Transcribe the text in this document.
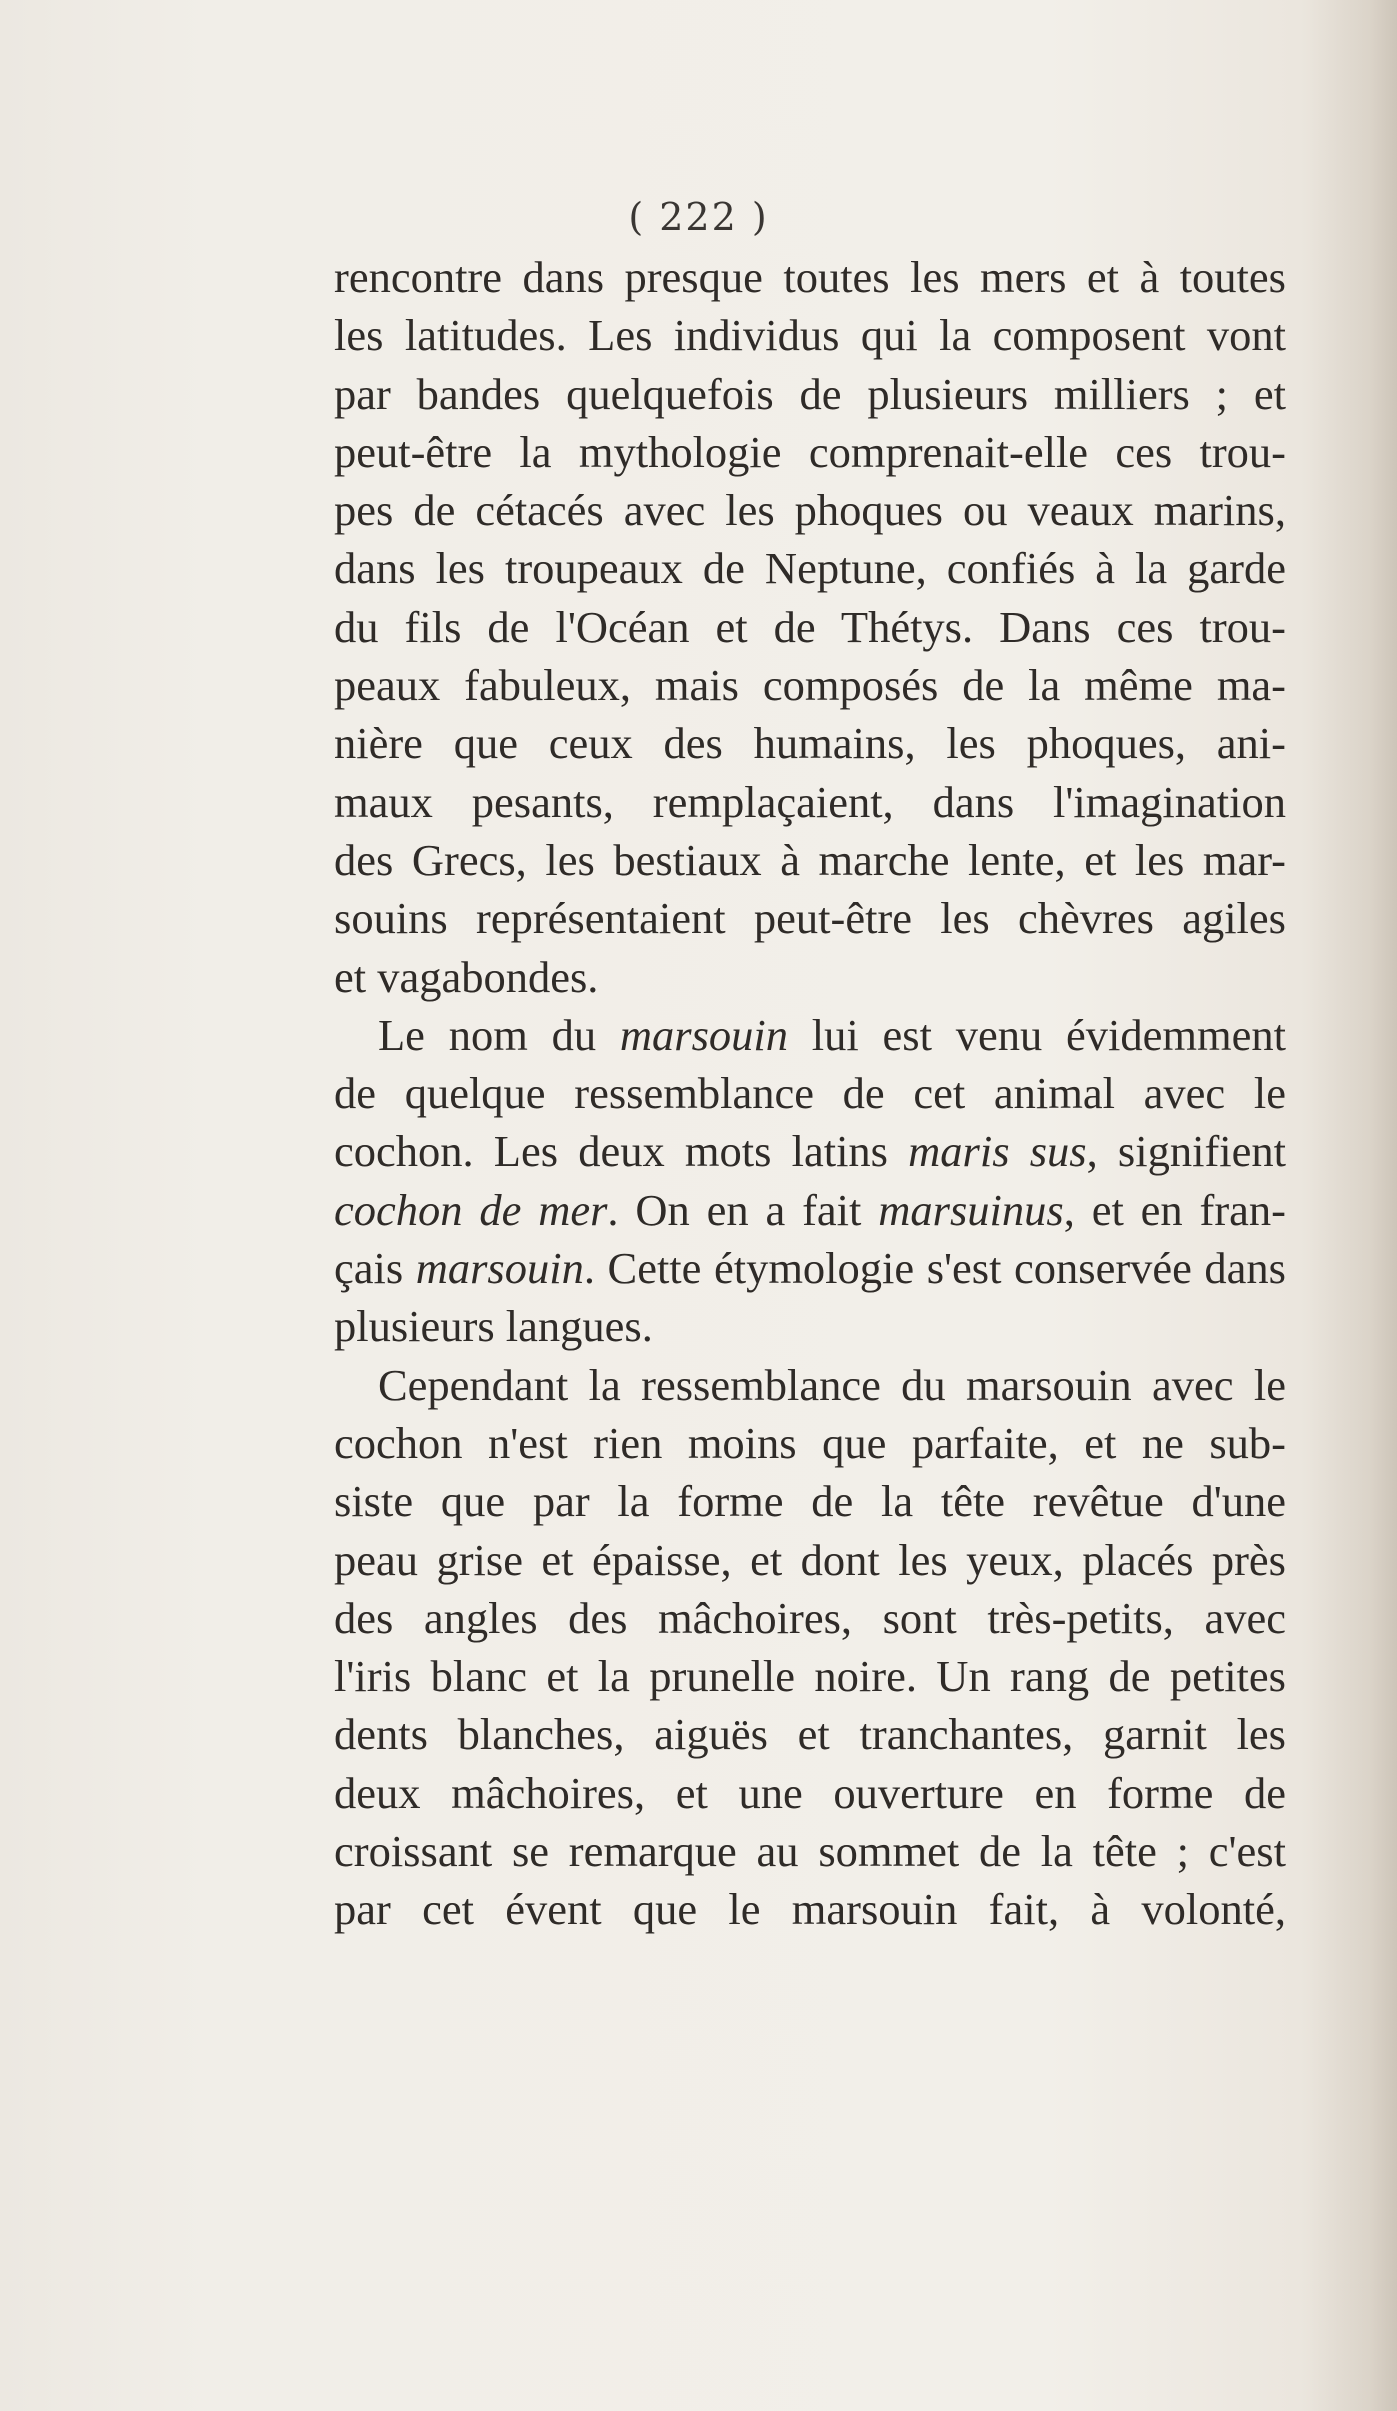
( 222 )
rencontre dans presque toutes les mers et à toutes
les latitudes. Les individus qui la composent vont
par bandes quelquefois de plusieurs milliers ; et
peut-être la mythologie comprenait-elle ces trou-
pes de cétacés avec les phoques ou veaux marins,
dans les troupeaux de Neptune, confiés à la garde
du fils de l'Océan et de Thétys. Dans ces trou-
peaux fabuleux, mais composés de la même ma-
nière que ceux des humains, les phoques, ani-
maux pesants, remplaçaient, dans l'imagination
des Grecs, les bestiaux à marche lente, et les mar-
souins représentaient peut-être les chèvres agiles
et vagabondes.
Le nom du marsouin lui est venu évidemment
de quelque ressemblance de cet animal avec le
cochon. Les deux mots latins maris sus, signifient
cochon de mer. On en a fait marsuinus, et en fran-
çais marsouin. Cette étymologie s'est conservée dans
plusieurs langues.
Cependant la ressemblance du marsouin avec le
cochon n'est rien moins que parfaite, et ne sub-
siste que par la forme de la tête revêtue d'une
peau grise et épaisse, et dont les yeux, placés près
des angles des mâchoires, sont très-petits, avec
l'iris blanc et la prunelle noire. Un rang de petites
dents blanches, aiguës et tranchantes, garnit les
deux mâchoires, et une ouverture en forme de
croissant se remarque au sommet de la tête ; c'est
par cet évent que le marsouin fait, à volonté,
